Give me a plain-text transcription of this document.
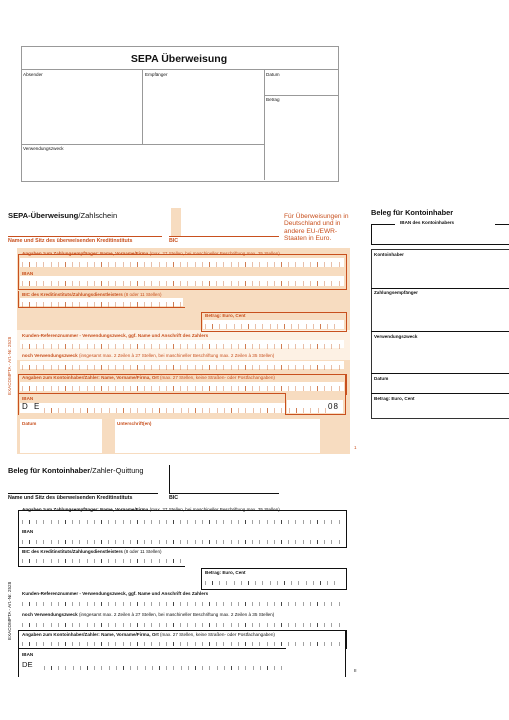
SEPA Überweisung
Absender	Empfänger	Datum
Betrag
Verwendungszweck
SEPA-Überweisung/Zahlschein
Name und Sitz des überweisenden Kreditinstituts	BIC
Für Überweisungen in Deutschland und in andere EU-/EWR-Staaten in Euro.
Angaben zum Zahlungsempfänger: Name, Vorname/Firma (max. 27 Stellen, bei maschineller Beschriftung max. 35 Stellen)
IBAN
BIC des Kreditinstituts/Zahlungsdienstleisters (8 oder 11 Stellen)
Betrag: Euro, Cent
Kunden-Referenznummer - Verwendungszweck, ggf. Name und Anschrift des Zahlers
noch Verwendungszweck (insgesamt max. 2 Zeilen à 27 Stellen, bei maschineller Beschriftung max. 2 Zeilen à 35 Stellen)
Angaben zum Kontoinhaber/Zahler: Name, Vorname/Firma, Ort (max. 27 Stellen, keine Straßen- oder Postfachangaben)
IBAN
D E	08
Datum	Unterschrift(en)
1
EXACOMPTA - Art.-Nr. 2528
Beleg für Kontoinhaber
IBAN des Kontoinhabers
Kontoinhaber
Zahlungsempfänger
Verwendungszweck
Datum
Betrag: Euro, Cent
Beleg für Kontoinhaber/Zahler-Quittung
Name und Sitz des überweisenden Kreditinstituts	BIC
Angaben zum Zahlungsempfänger: Name, Vorname/Firma (max. 27 Stellen, bei maschineller Beschriftung max. 35 Stellen)
IBAN
BIC des Kreditinstituts/Zahlungsdienstleisters (8 oder 11 Stellen)
Betrag: Euro, Cent
Kunden-Referenznummer - Verwendungszweck, ggf. Name und Anschrift des Zahlers
noch Verwendungszweck (insgesamt max. 2 Zeilen à 27 Stellen, bei maschineller Beschriftung max. 2 Zeilen à 35 Stellen)
Angaben zum Kontoinhaber/Zahler: Name, Vorname/Firma, Ort (max. 27 Stellen, keine Straßen- oder Postfachangaben)
IBAN
DE
II
EXACOMPTA - Art.-Nr. 2528
